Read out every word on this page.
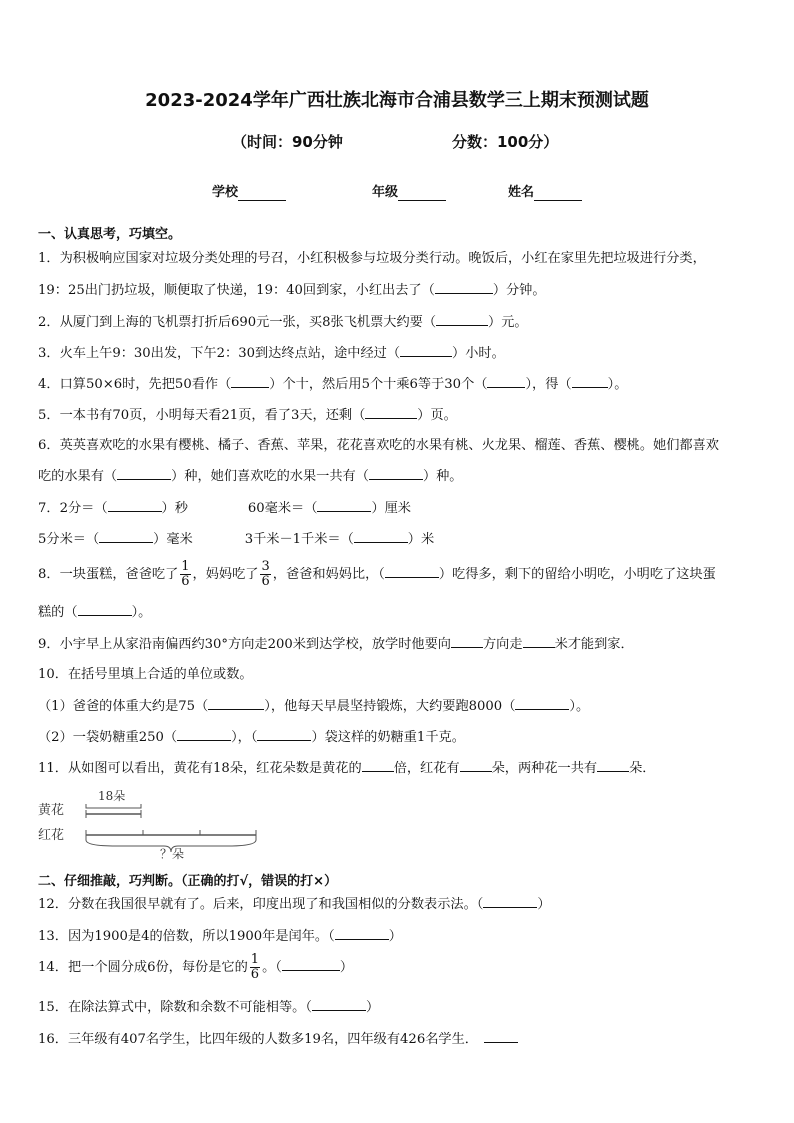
2023-2024学年广西壮族北海市合浦县数学三上期末预测试题
（时间：90分钟	分数：100分）
学校	年级	姓名
一、认真思考，巧填空。
1．为积极响应国家对垃圾分类处理的号召，小红积极参与垃圾分类行动。晚饭后，小红在家里先把垃圾进行分类，
19：25出门扔垃圾，顺便取了快递，19：40回到家，小红出去了（	）分钟。
2．从厦门到上海的飞机票打折后690元一张，买8张飞机票大约要（	）元。
3．火车上午9：30出发，下午2：30到达终点站，途中经过（	）小时。
4．口算50×6时，先把50看作（	）个十，然后用5个十乘6等于30个（	），得（	）。
5．一本书有70页，小明每天看21页，看了3天，还剩（	）页。
6．英英喜欢吃的水果有樱桃、橘子、香蕉、苹果，花花喜欢吃的水果有桃、火龙果、榴莲、香蕉、樱桃。她们都喜欢
吃的水果有（	）种，她们喜欢吃的水果一共有（	）种。
7．2分＝（	）秒	60毫米＝（	）厘米
5分米＝（	）毫米	3千米－1千米＝（	）米
8．一块蛋糕，爸爸吃了 $\frac{1}{6}$ ，妈妈吃了 $\frac{3}{6}$ ，爸爸和妈妈比，（	）吃得多，剩下的留给小明吃，小明吃了这块蛋
糕的（	）。
9．小宇早上从家沿南偏西约30°方向走200米到达学校，放学时他要向 方向走 米才能到家．
10．在括号里填上合适的单位或数。
（1）爸爸的体重大约是75（	），他每天早晨坚持锻炼，大约要跑8000（	）。
（2）一袋奶糖重250（	），（	）袋这样的奶糖重1千克。
11．从如图可以看出，黄花有18朵，红花朵数是黄花的 倍，红花有 朵，两种花一共有 朵．
黄花
红花
18朵
？朵
二、仔细推敲，巧判断。（正确的打√，错误的打×）
12．分数在我国很早就有了。后来，印度出现了和我国相似的分数表示法。（	）
13．因为1900是4的倍数，所以1900年是闰年。（	）
14．把一个圆分成6份，每份是它的 $\frac{1}{6}$ 。（	）
15．在除法算式中，除数和余数不可能相等。（	）
16．三年级有407名学生，比四年级的人数多19名，四年级有426名学生．
